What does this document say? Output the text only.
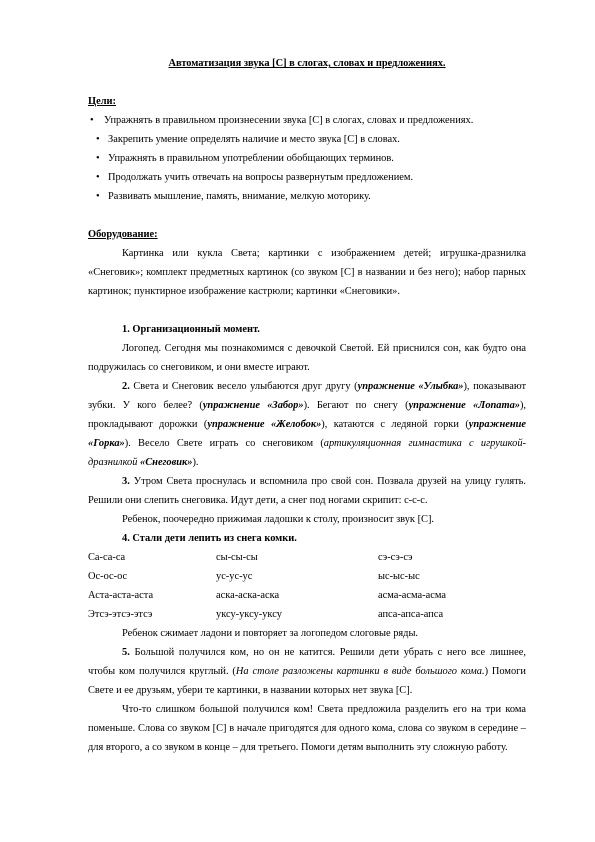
Автоматизация звука [С] в слогах, словах и предложениях.

Цели:

• Упражнять в правильном произнесении звука [С] в слогах, словах и предложениях.
• Закрепить умение определять наличие и место звука [С] в словах.
• Упражнять в правильном употреблении обобщающих терминов.
• Продолжать учить отвечать на вопросы развернутым предложением.
• Развивать мышление, память, внимание, мелкую моторику.

Оборудование:

Картинка или кукла Света; картинки с изображением детей; игрушка-дразнилка «Снеговик»; комплект предметных картинок (со звуком [С] в названии и без него); набор парных картинок; пунктирное изображение кастрюли; картинки «Снеговики».

1. Организационный момент.

Логопед. Сегодня мы познакомимся с девочкой Светой. Ей приснился сон, как будто она подружилась со снеговиком, и они вместе играют.

2. Света и Снеговик весело улыбаются друг другу (упражнение «Улыбка»), показывают зубки. У кого белее? (упражнение «Забор»). Бегают по снегу (упражнение «Лопата»), прокладывают дорожки (упражнение «Желобок»), катаются с ледяной горки (упражнение «Горка»). Весело Свете играть со снеговиком (артикуляционная гимнастика с игрушкой-дразнилкой «Снеговик»).

3. Утром Света проснулась и вспомнила про свой сон. Позвала друзей на улицу гулять. Решили они слепить снеговика. Идут дети, а снег под ногами скрипит: с-с-с.

Ребенок, поочередно прижимая ладошки к столу, произносит звук [С].

4. Стали дети лепить из снега комки.

Са-са-са	сы-сы-сы	сэ-сэ-сэ
Ос-ос-ос	ус-ус-ус	ыс-ыс-ыс
Аста-аста-аста	аска-аска-аска	асма-асма-асма
Этсэ-этсэ-этсэ	уксу-уксу-уксу	апса-апса-апса

Ребенок сжимает ладони и повторяет за логопедом слоговые ряды.

5. Большой получился ком, но он не катится. Решили дети убрать с него все лишнее, чтобы ком получился круглый. (На столе разложены картинки в виде большого кома.) Помоги Свете и ее друзьям, убери те картинки, в названии которых нет звука [С].

Что-то слишком большой получился ком! Света предложила разделить его на три кома поменьше. Слова со звуком [С] в начале пригодятся для одного кома, слова со звуком в середине – для второго, а со звуком в конце – для третьего. Помоги детям выполнить эту сложную работу.
